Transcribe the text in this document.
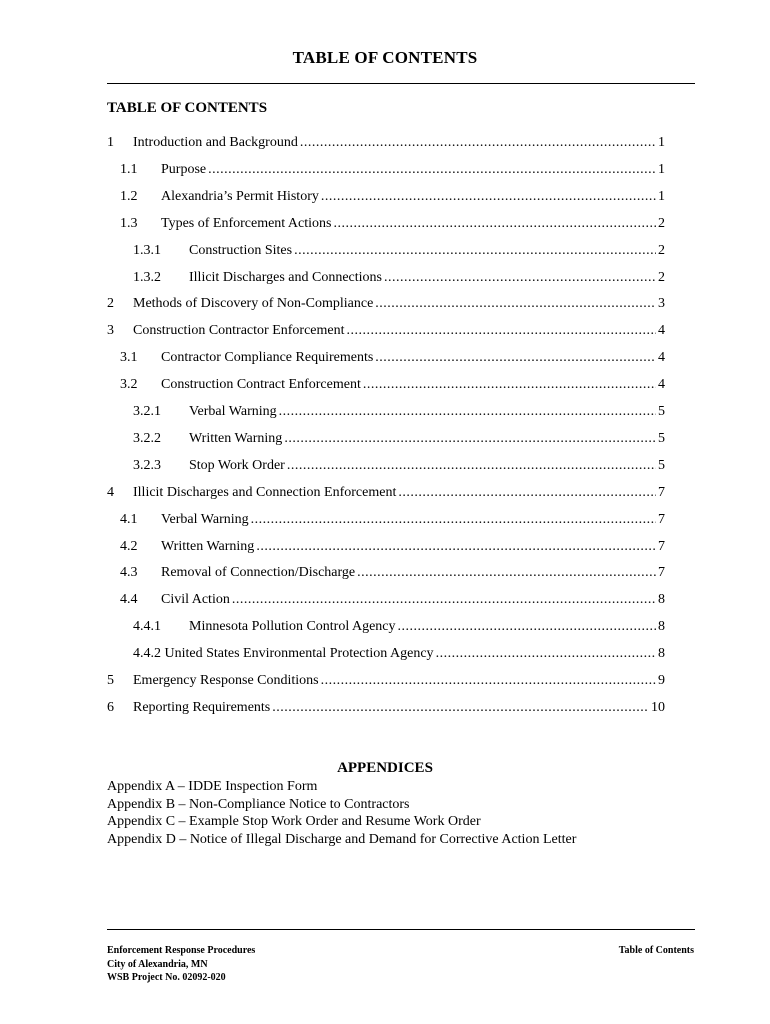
TABLE OF CONTENTS
TABLE OF CONTENTS
1 Introduction and Background .....	1
1.1 Purpose .....	1
1.2 Alexandria’s Permit History .....	1
1.3 Types of Enforcement Actions .....	2
1.3.1 Construction Sites .....	2
1.3.2 Illicit Discharges and Connections .....	2
2 Methods of Discovery of Non-Compliance .....	3
3 Construction Contractor Enforcement .....	4
3.1 Contractor Compliance Requirements .....	4
3.2 Construction Contract Enforcement .....	4
3.2.1 Verbal Warning .....	5
3.2.2 Written Warning .....	5
3.2.3 Stop Work Order .....	5
4 Illicit Discharges and Connection Enforcement .....	7
4.1 Verbal Warning .....	7
4.2 Written Warning .....	7
4.3 Removal of Connection/Discharge .....	7
4.4 Civil Action .....	8
4.4.1 Minnesota Pollution Control Agency .....	8
4.4.2 United States Environmental Protection Agency .....	8
5 Emergency Response Conditions .....	9
6 Reporting Requirements .....	10
APPENDICES
Appendix A – IDDE Inspection Form
Appendix B – Non-Compliance Notice to Contractors
Appendix C – Example Stop Work Order and Resume Work Order
Appendix D – Notice of Illegal Discharge and Demand for Corrective Action Letter
Enforcement Response Procedures
City of Alexandria, MN
WSB Project No. 02092-020
Table of Contents
